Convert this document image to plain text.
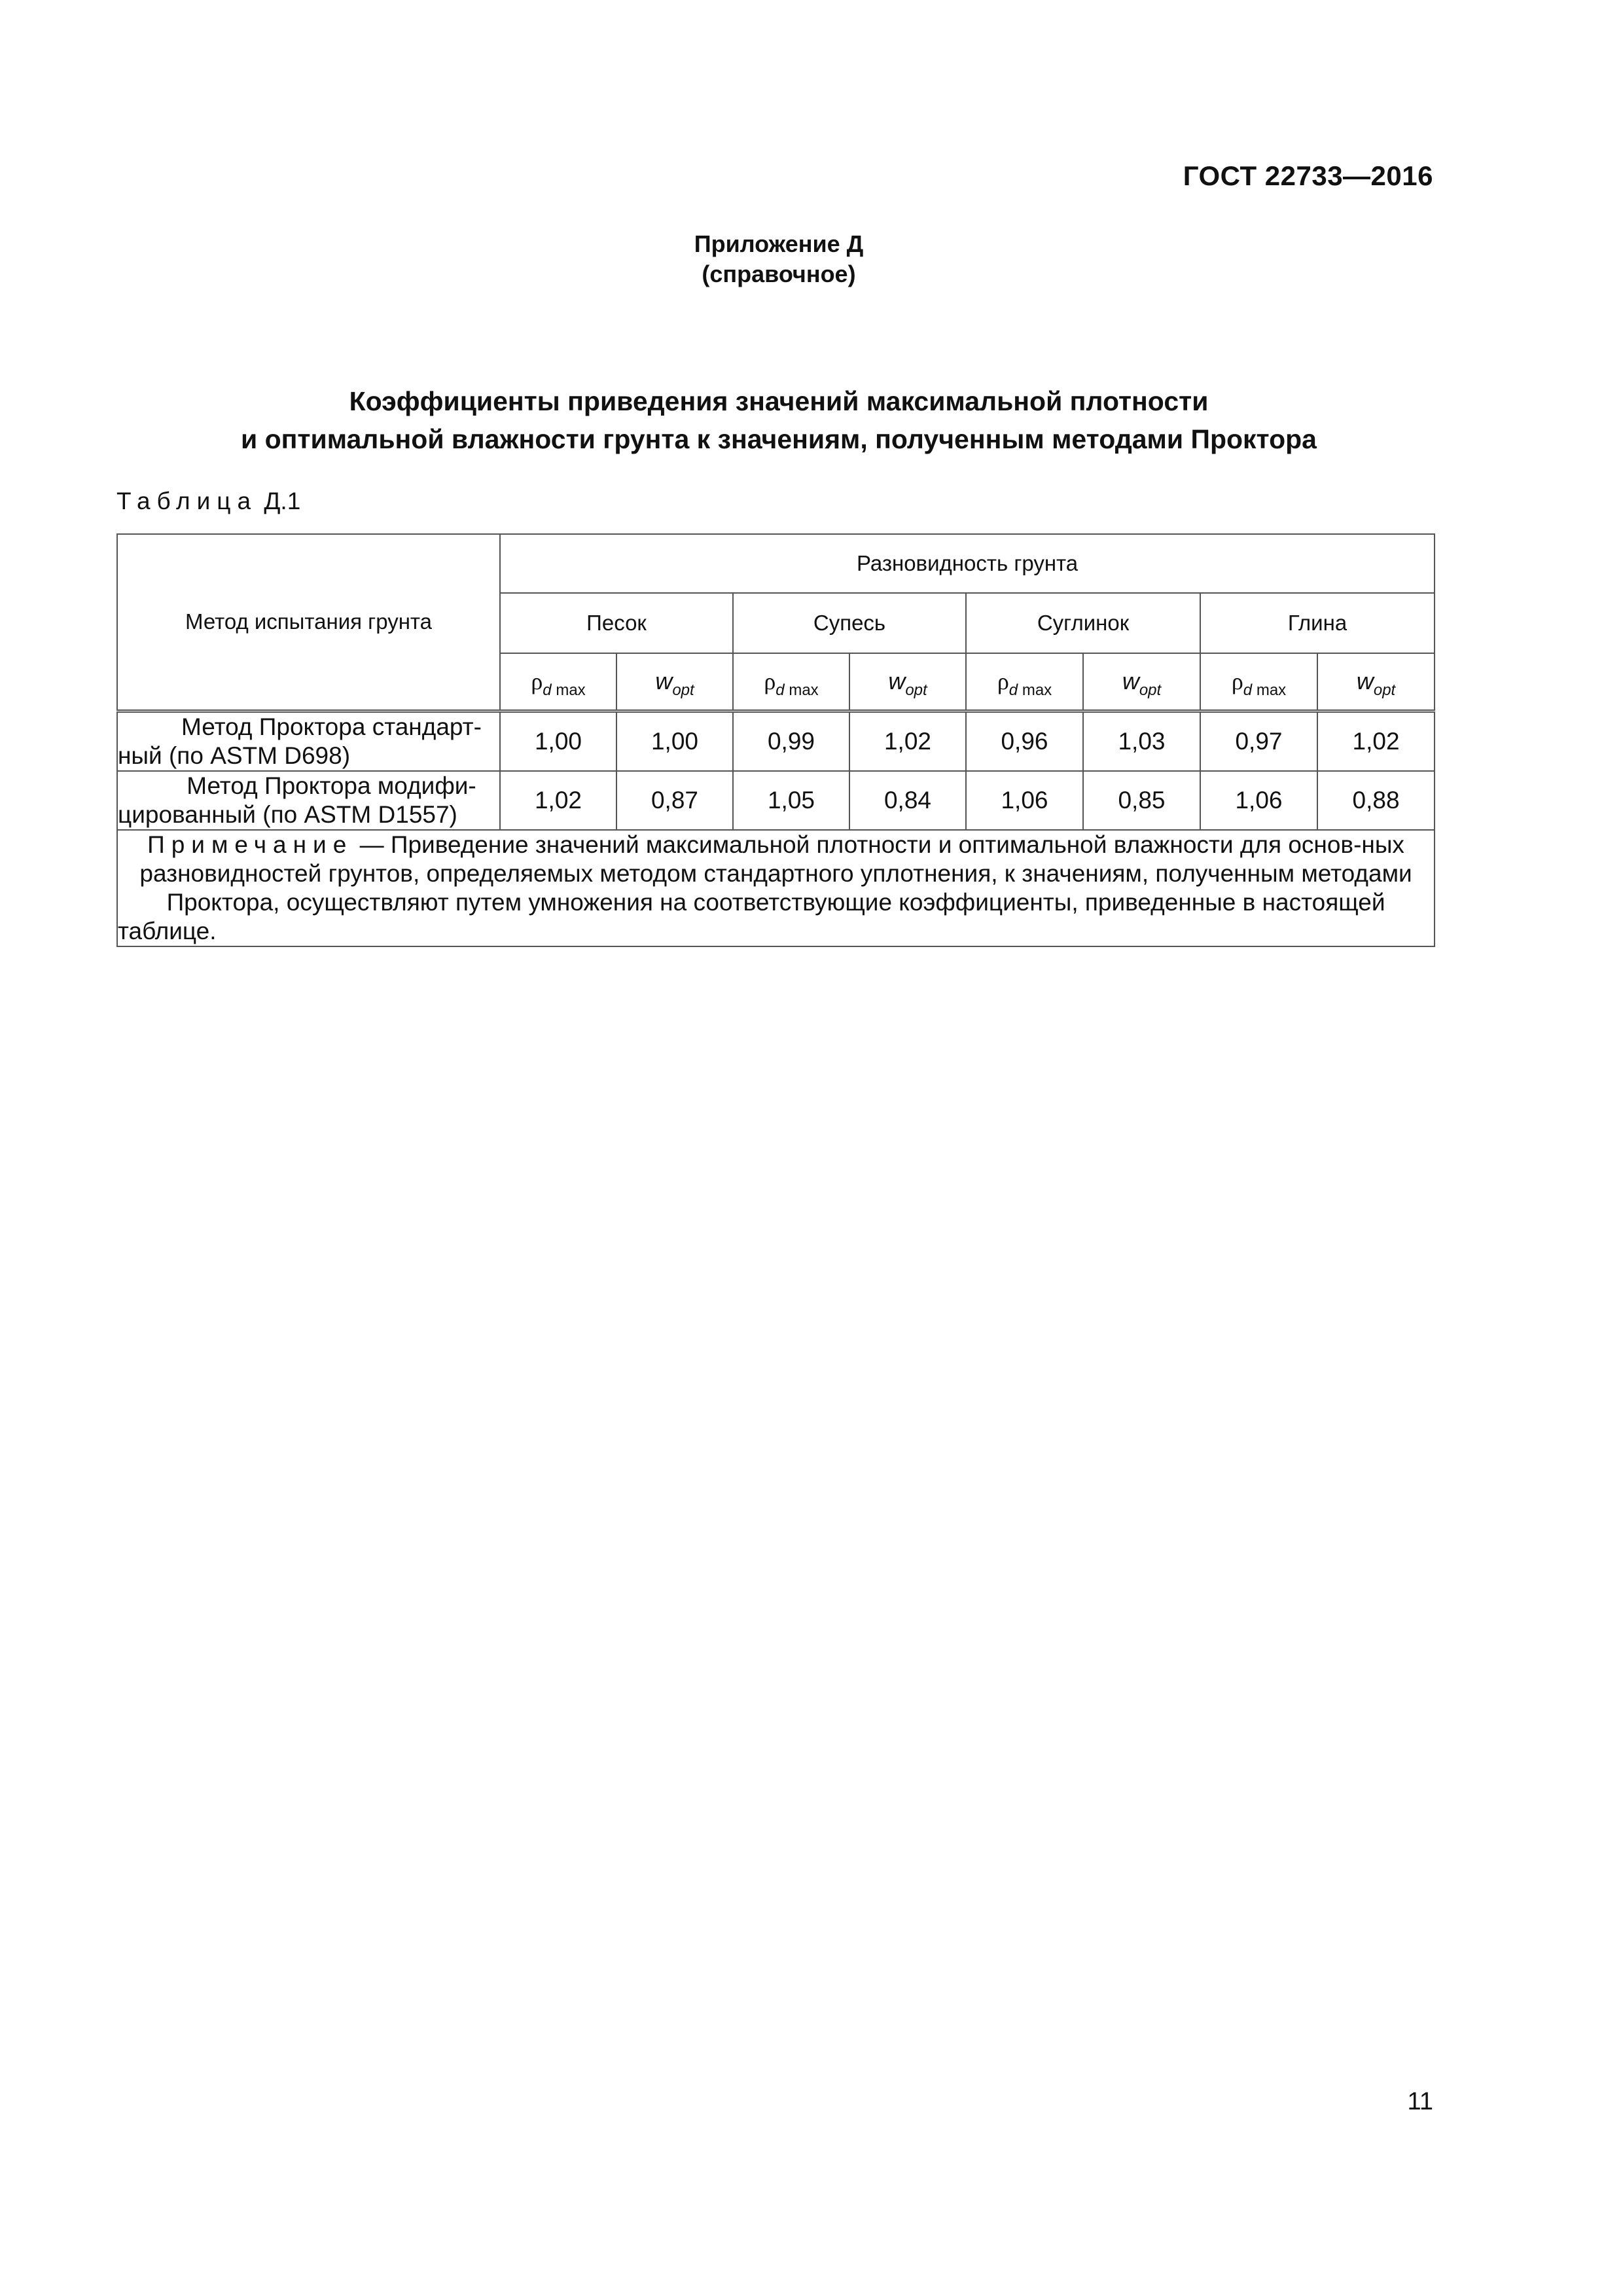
ГОСТ 22733—2016
Приложение Д
(справочное)
Коэффициенты приведения значений максимальной плотности
и оптимальной влажности грунта к значениям, полученным методами Проктора
Таблица Д.1
Метод испытания грунта	Разновидность грунта							
	Песок		Супесь		Суглинок		Глина	
	$\rho_{d max}$	$w_{opt}$	$\rho_{d max}$	$w_{opt}$	$\rho_{d max}$	$w_{opt}$	$\rho_{d max}$	$w_{opt}$
Метод Проктора стандарт-ный (по ASTM D698)	1,00	1,00	0,99	1,02	0,96	1,03	0,97	1,02
Метод Проктора модифи-цированный (по ASTM D1557)	1,02	0,87	1,05	0,84	1,06	0,85	1,06	0,88
Примечание — Приведение значений максимальной плотности и оптимальной влажности для основ-ных разновидностей грунтов, определяемых методом стандартного уплотнения, к значениям, полученным методами Проктора, осуществляют путем умножения на соответствующие коэффициенты, приведенные в настоящей таблице.								
11
